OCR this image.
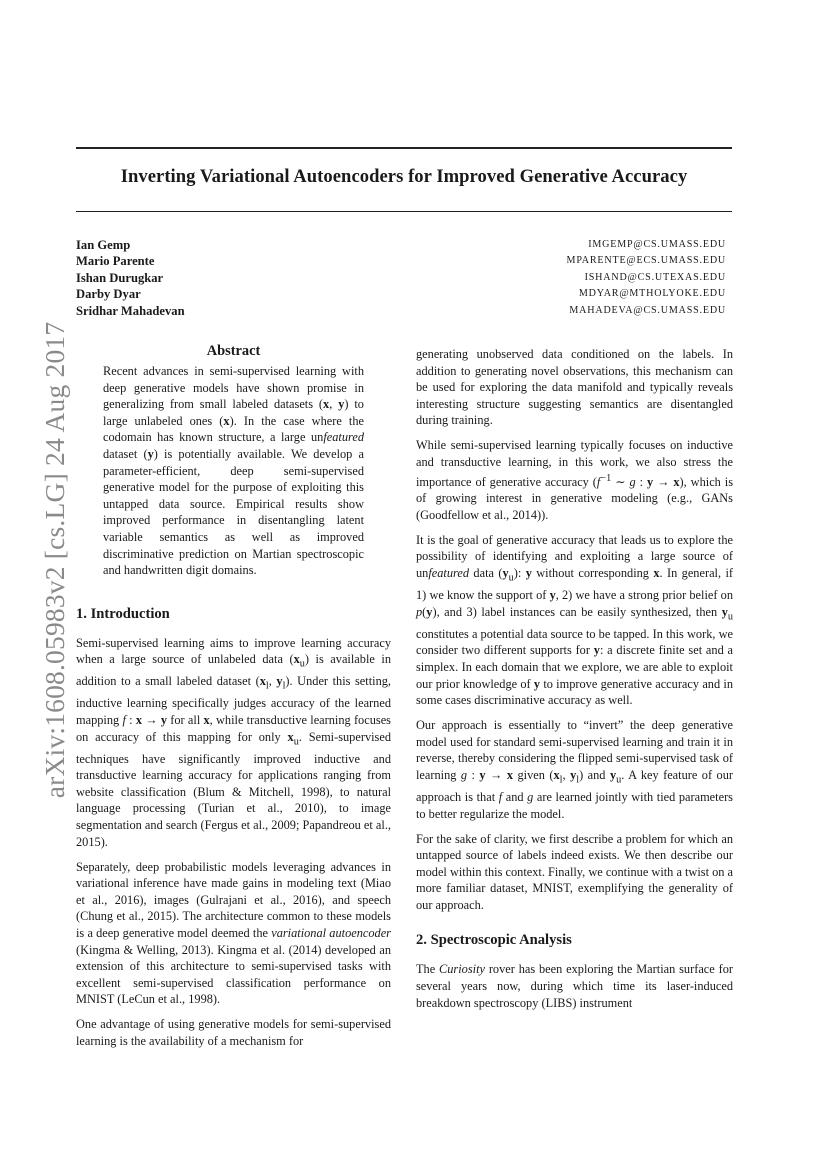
Inverting Variational Autoencoders for Improved Generative Accuracy
Ian Gemp	IMGEMP@CS.UMASS.EDU
Mario Parente	MPARENTE@ECS.UMASS.EDU
Ishan Durugkar	ISHAND@CS.UTEXAS.EDU
Darby Dyar	MDYAR@MTHOLYOKE.EDU
Sridhar Mahadevan	MAHADEVA@CS.UMASS.EDU
arXiv:1608.05983v2 [cs.LG] 24 Aug 2017	Abstract

Recent advances in semi-supervised learning with deep generative models have shown promise in generalizing from small labeled datasets (x, y) to large unlabeled ones (x). In the case where the codomain has known structure, a large unfeatured dataset (y) is potentially available. We develop a parameter-efficient, deep semi-supervised generative model for the purpose of exploiting this untapped data source. Empirical results show improved performance in disentangling latent variable semantics as well as improved discriminative prediction on Martian spectroscopic and handwritten digit domains.

1. Introduction

Semi-supervised learning aims to improve learning accuracy when a large source of unlabeled data $(x_u)$ is available in addition to a small labeled dataset ($x_l$, $y_l$). Under this setting, inductive learning specifically judges accuracy of the learned mapping f : x → y for all x, while transductive learning focuses on accuracy of this mapping for only $x_u$. Semi-supervised techniques have significantly improved inductive and transductive learning accuracy for applications ranging from website classification (Blum & Mitchell, 1998), to natural language processing (Turian et al., 2010), to image segmentation and search (Fergus et al., 2009; Papandreou et al., 2015).

Separately, deep probabilistic models leveraging advances in variational inference have made gains in modeling text (Miao et al., 2016), images (Gulrajani et al., 2016), and speech (Chung et al., 2015). The architecture common to these models is a deep generative model deemed the variational autoencoder (Kingma & Welling, 2013). Kingma et al. (2014) developed an extension of this architecture to semi-supervised tasks with excellent semi-supervised classification performance on MNIST (LeCun et al., 1998).

One advantage of using generative models for semi-supervised learning is the availability of a mechanism for

generating unobserved data conditioned on the labels. In addition to generating novel observations, this mechanism can be used for exploring the data manifold and typically reveals interesting structure suggesting semantics are disentangled during training.

While semi-supervised learning typically focuses on inductive and transductive learning, in this work, we also stress the importance of generative accuracy ($f^{-1}$ ∼ g : y → x), which is of growing interest in generative modeling (e.g., GANs (Goodfellow et al., 2014)).

It is the goal of generative accuracy that leads us to explore the possibility of identifying and exploiting a large source of unfeatured data $(y_u)$: y without corresponding x. In general, if 1) we know the support of y, 2) we have a strong prior belief on p(y), and 3) label instances can be easily synthesized, then $y_u$ constitutes a potential data source to be tapped. In this work, we consider two different supports for y: a discrete finite set and a simplex. In each domain that we explore, we are able to exploit our prior knowledge of y to improve generative accuracy and in some cases discriminative accuracy as well.

Our approach is essentially to “invert” the deep generative model used for standard semi-supervised learning and train it in reverse, thereby considering the flipped semi-supervised task of learning g : y → x given ($x_l$, $y_l$) and $y_u$. A key feature of our approach is that f and g are learned jointly with tied parameters to better regularize the model.

For the sake of clarity, we first describe a problem for which an untapped source of labels indeed exists. We then describe our model within this context. Finally, we continue with a twist on a more familiar dataset, MNIST, exemplifying the generality of our approach.

2. Spectroscopic Analysis

The Curiosity rover has been exploring the Martian surface for several years now, during which time its laser-induced breakdown spectroscopy (LIBS) instrument
